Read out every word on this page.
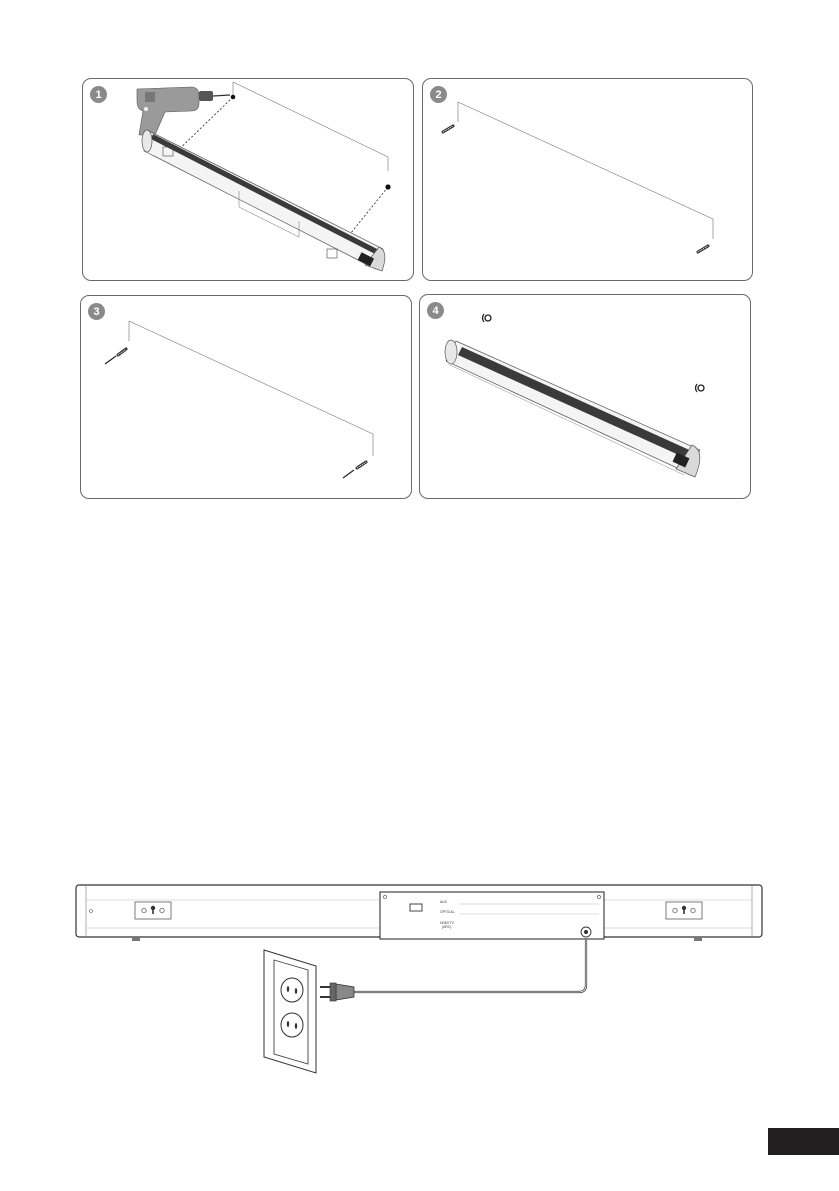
1	2
3	4
AUX
OPTICAL
HDMI TV
(ARC)
